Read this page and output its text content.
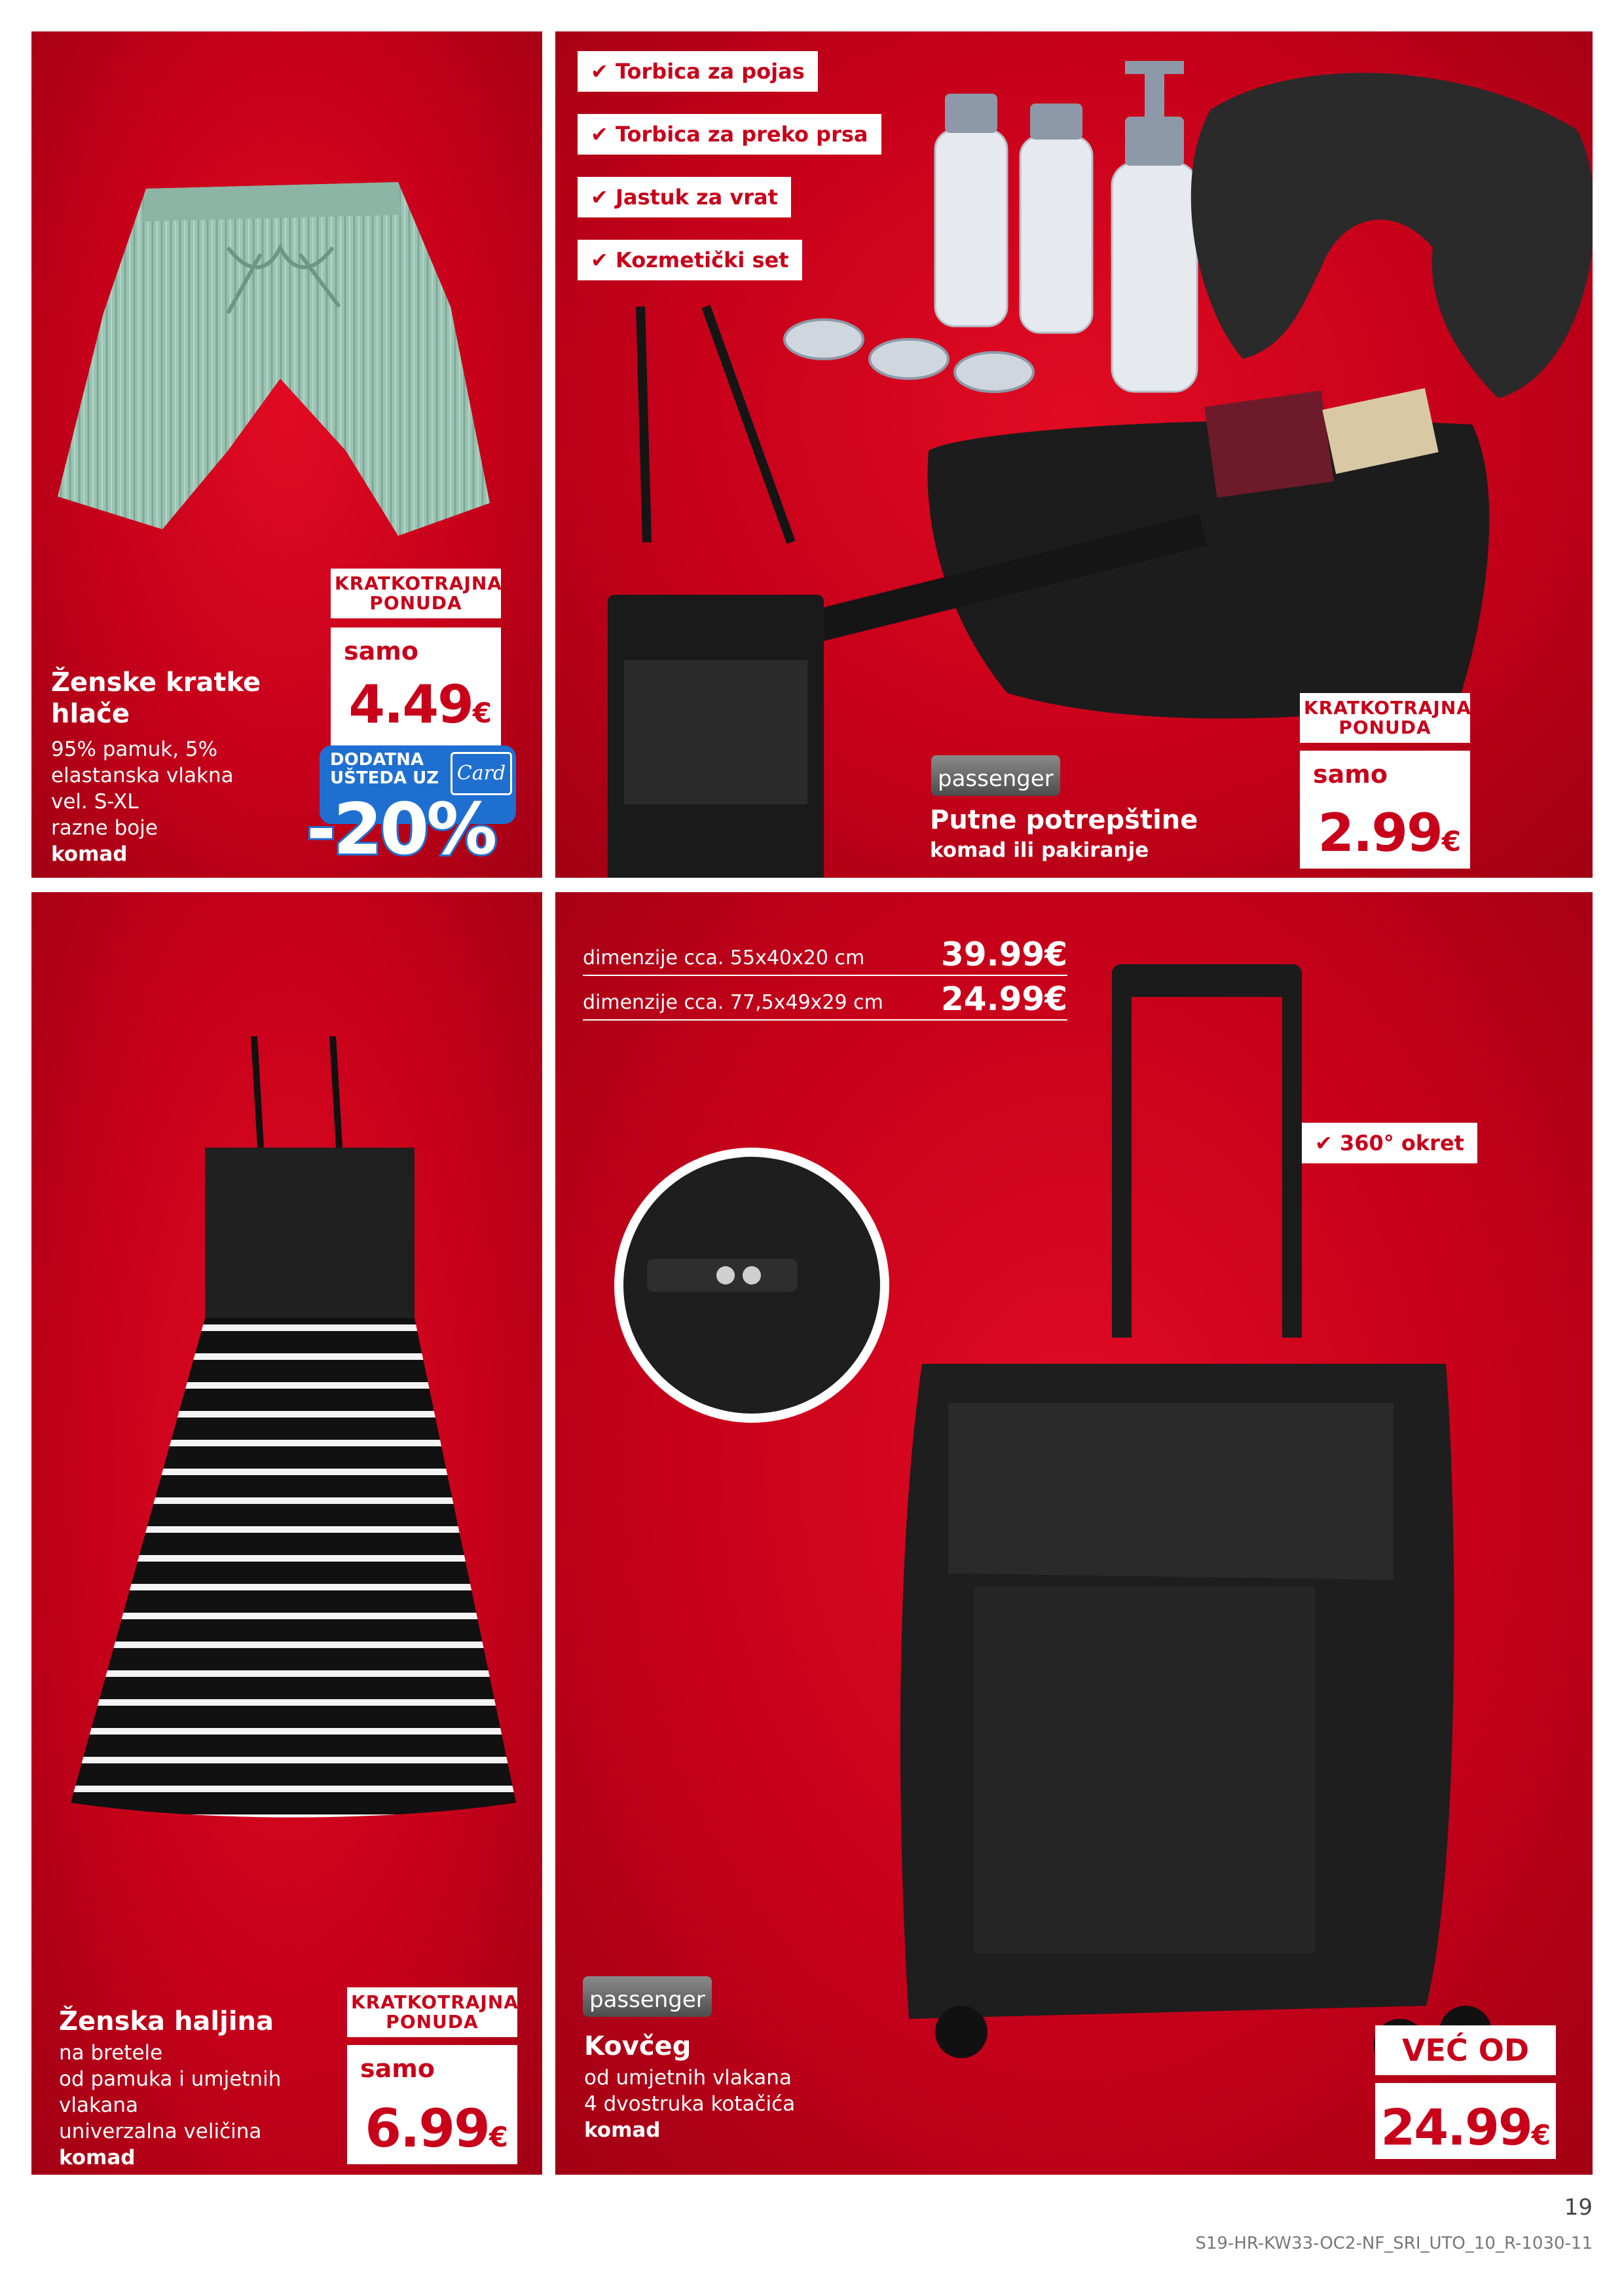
Ženske kratke
hlače
95% pamuk, 5%
elastanska vlakna
vel. S-XL
razne boje
komad
KRATKOTRAJNA
PONUDA
samo
4.49€
DODATNA
UŠTEDA UZ Card
-20%
✔ Torbica za pojas
✔ Torbica za preko prsa
✔ Jastuk za vrat
✔ Kozmetički set
passenger
Putne potrepštine
komad ili pakiranje
KRATKOTRAJNA
PONUDA
samo
2.99€
Ženska haljina
na bretele
od pamuka i umjetnih
vlakana
univerzalna veličina
komad
KRATKOTRAJNA
PONUDA
samo
6.99€
dimenzije cca. 55x40x20 cm 39.99€
dimenzije cca. 77,5x49x29 cm 24.99€
✔ 360° okret
passenger
Kovčeg
od umjetnih vlakana
4 dvostruka kotačića
komad
VEĆ OD
24.99€
19
S19-HR-KW33-OC2-NF_SRI_UTO_10_R-1030-11
